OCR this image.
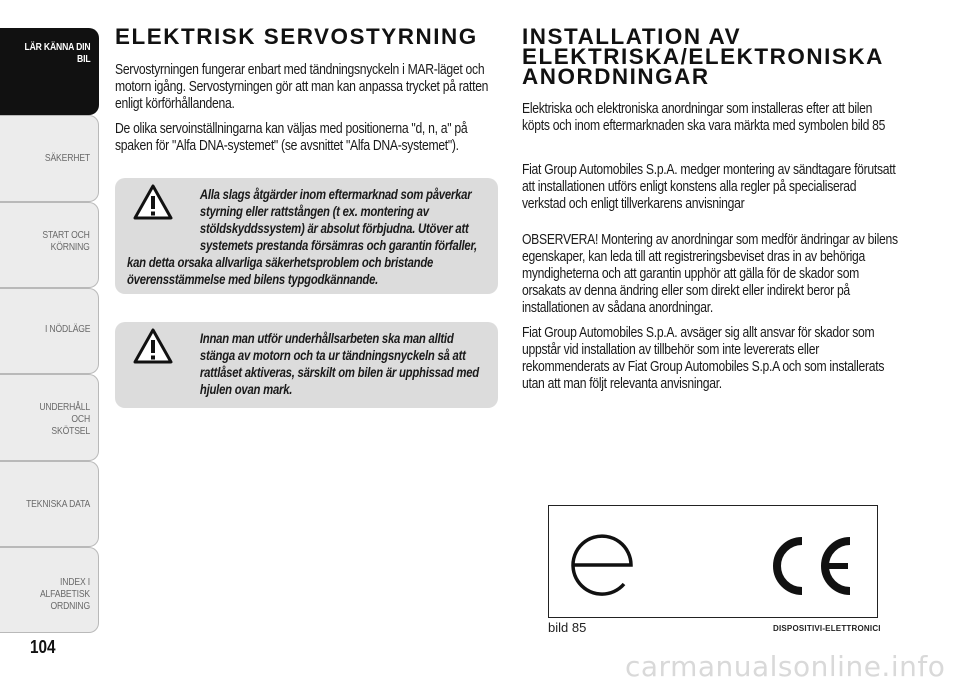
LÄR KÄNNA DIN
BIL
SÄKERHET
START OCH
KÖRNING
I NÖDLÄGE
UNDERHÅLL OCH
SKÖTSEL
TEKNISKA DATA
INDEX I ALFABETISK
ORDNING
104
ELEKTRISK SERVOSTYRNING

Servostyrningen fungerar enbart med tändningsnyckeln i MAR-läget och motorn igång. Servostyrningen gör att man kan anpassa trycket på ratten enligt körförhållandena.

De olika servoinställningarna kan väljas med positionerna "d, n, a" på spaken för "Alfa DNA-systemet" (se avsnittet "Alfa DNA-systemet").

Alla slags åtgärder inom eftermarknad som påverkar styrning eller rattstången (t ex. montering av stöldskyddssystem) är absolut förbjudna. Utöver att systemets prestanda försämras och garantin förfaller, kan detta orsaka allvarliga säkerhetsproblem och bristande överensstämmelse med bilens typgodkännande.

Innan man utför underhållsarbeten ska man alltid stänga av motorn och ta ur tändningsnyckeln så att rattlåset aktiveras, särskilt om bilen är upphissad med hjulen ovan mark.

INSTALLATION AV
ELEKTRISKA/ELEKTRONISKA
ANORDNINGAR

Elektriska och elektroniska anordningar som installeras efter att bilen köpts och inom eftermarknaden ska vara märkta med symbolen bild 85

Fiat Group Automobiles S.p.A. medger montering av sändtagare förutsatt att installationen utförs enligt konstens alla regler på specialiserad verkstad och enligt tillverkarens anvisningar

OBSERVERA! Montering av anordningar som medför ändringar av bilens egenskaper, kan leda till att registreringsbeviset dras in av behöriga myndigheterna och att garantin upphör att gälla för de skador som orsakats av denna ändring eller som direkt eller indirekt beror på installationen av sådana anordningar.

Fiat Group Automobiles S.p.A. avsäger sig allt ansvar för skador som uppstår vid installation av tillbehör som inte levererats eller rekommenderats av Fiat Group Automobiles S.p.A och som installerats utan att man följt relevanta anvisningar.

bild 85	DISPOSITIVI-ELETTRONICI
carmanualsonline.info
